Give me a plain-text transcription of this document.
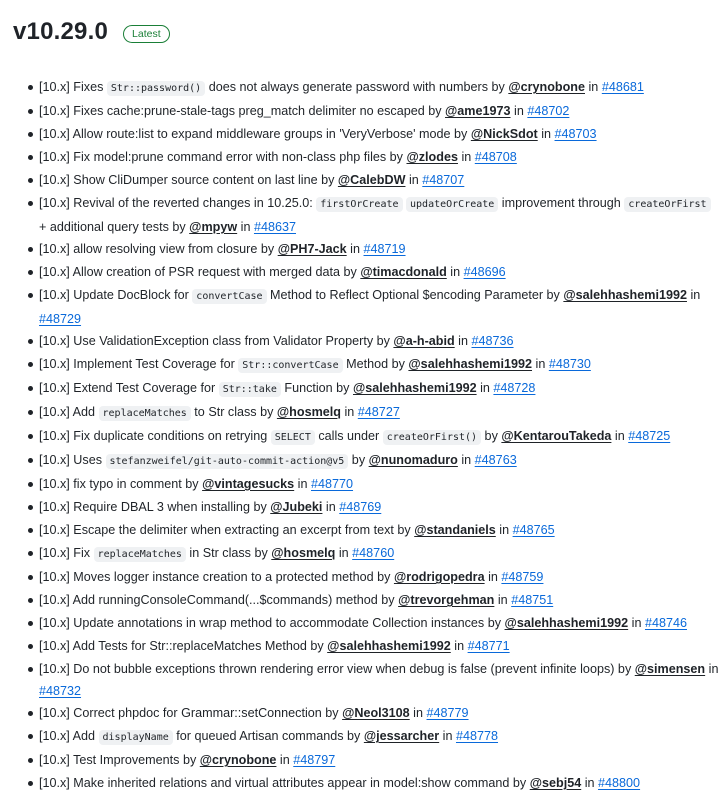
v10.29.0	Latest
[10.x] Fixes Str::password() does not always generate password with numbers by @crynobone in #48681
[10.x] Fixes cache:prune-stale-tags preg_match delimiter no escaped by @ame1973 in #48702
[10.x] Allow route:list to expand middleware groups in 'VeryVerbose' mode by @NickSdot in #48703
[10.x] Fix model:prune command error with non-class php files by @zlodes in #48708
[10.x] Show CliDumper source content on last line by @CalebDW in #48707
[10.x] Revival of the reverted changes in 10.25.0: firstOrCreate updateOrCreate improvement through createOrFirst + additional query tests by @mpyw in #48637
[10.x] allow resolving view from closure by @PH7-Jack in #48719
[10.x] Allow creation of PSR request with merged data by @timacdonald in #48696
[10.x] Update DocBlock for convertCase Method to Reflect Optional $encoding Parameter by @salehhashemi1992 in #48729
[10.x] Use ValidationException class from Validator Property by @a-h-abid in #48736
[10.x] Implement Test Coverage for Str::convertCase Method by @salehhashemi1992 in #48730
[10.x] Extend Test Coverage for Str::take Function by @salehhashemi1992 in #48728
[10.x] Add replaceMatches to Str class by @hosmelq in #48727
[10.x] Fix duplicate conditions on retrying SELECT calls under createOrFirst() by @KentarouTakeda in #48725
[10.x] Uses stefanzweifel/git-auto-commit-action@v5 by @nunomaduro in #48763
[10.x] fix typo in comment by @vintagesucks in #48770
[10.x] Require DBAL 3 when installing by @Jubeki in #48769
[10.x] Escape the delimiter when extracting an excerpt from text by @standaniels in #48765
[10.x] Fix replaceMatches in Str class by @hosmelq in #48760
[10.x] Moves logger instance creation to a protected method by @rodrigopedra in #48759
[10.x] Add runningConsoleCommand(...$commands) method by @trevorgehman in #48751
[10.x] Update annotations in wrap method to accommodate Collection instances by @salehhashemi1992 in #48746
[10.x] Add Tests for Str::replaceMatches Method by @salehhashemi1992 in #48771
[10.x] Do not bubble exceptions thrown rendering error view when debug is false (prevent infinite loops) by @simensen in #48732
[10.x] Correct phpdoc for Grammar::setConnection by @Neol3108 in #48779
[10.x] Add displayName for queued Artisan commands by @jessarcher in #48778
[10.x] Test Improvements by @crynobone in #48797
[10.x] Make inherited relations and virtual attributes appear in model:show command by @sebj54 in #48800
